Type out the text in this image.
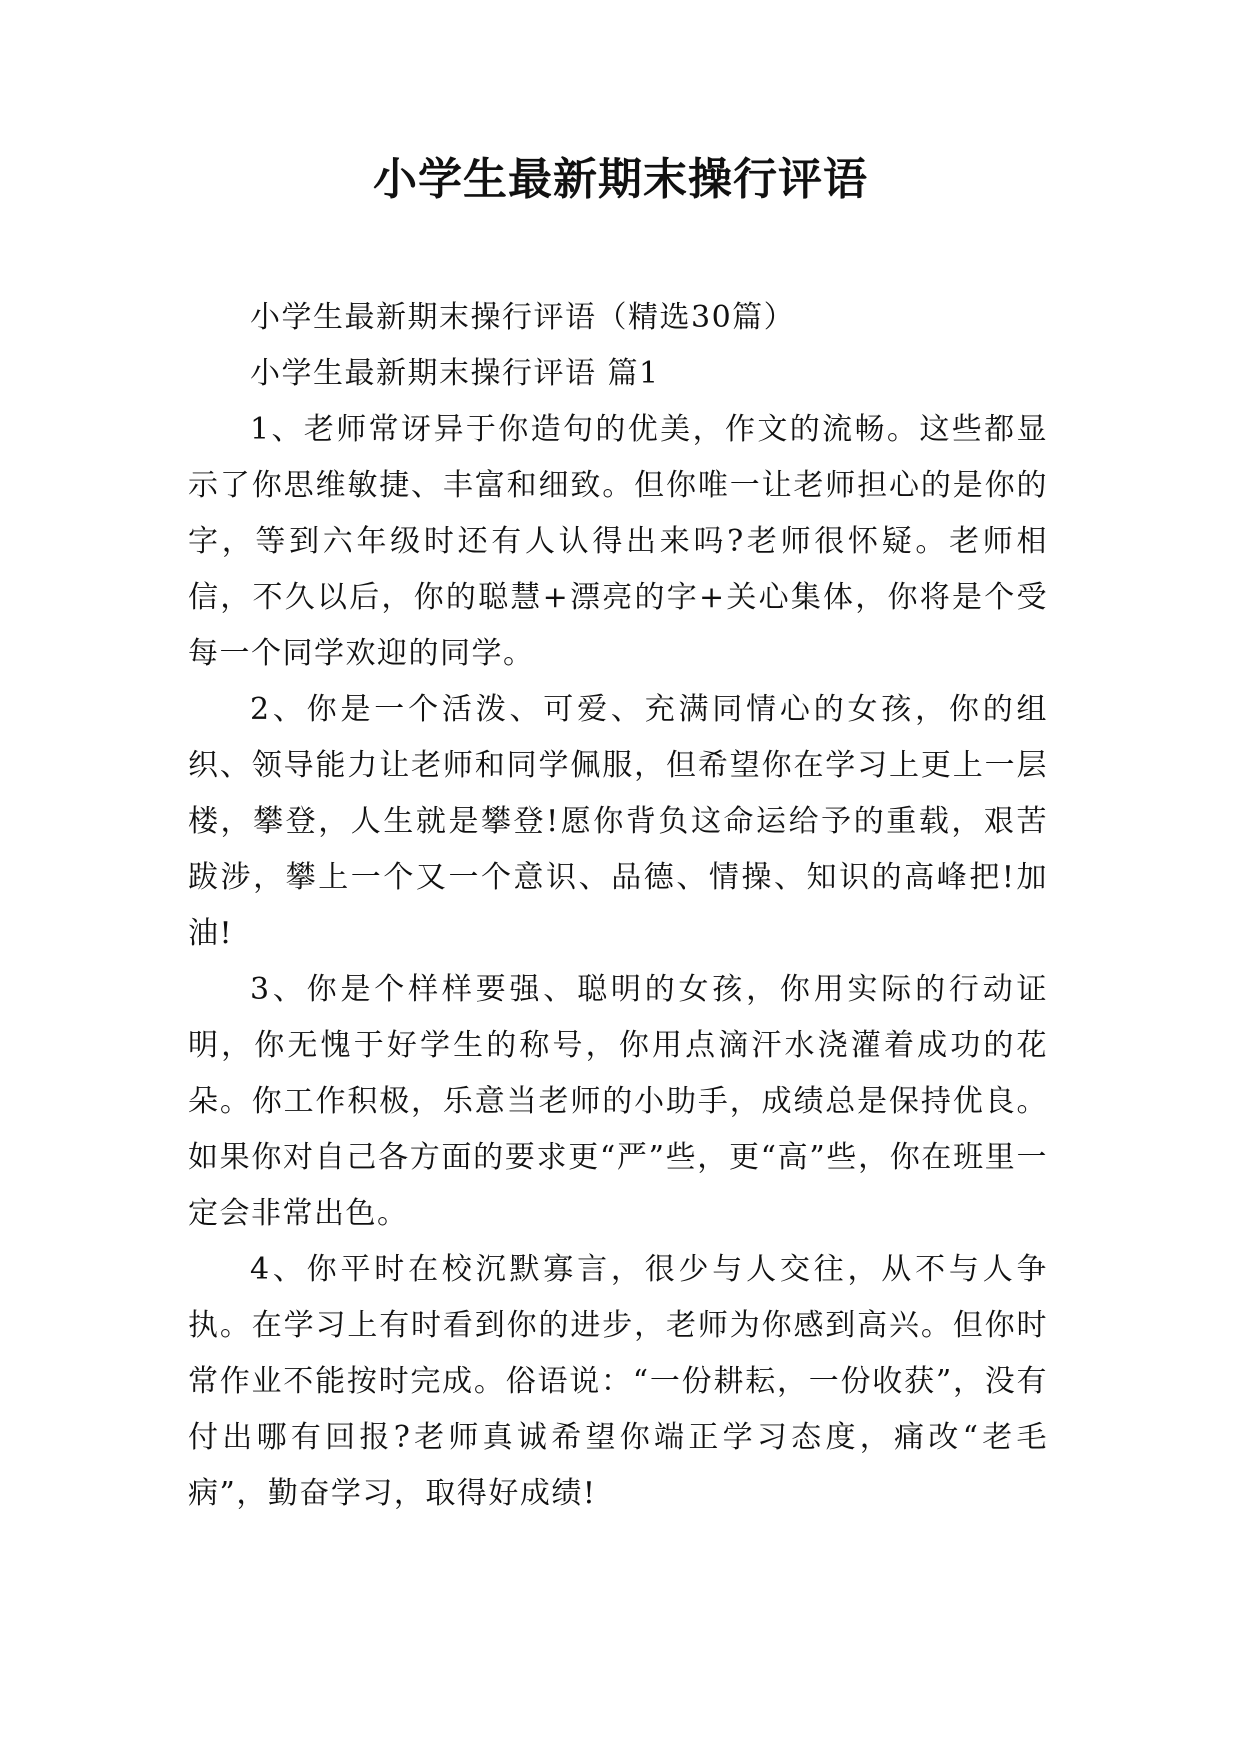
小学生最新期末操行评语

小学生最新期末操行评语（精选30篇）

小学生最新期末操行评语 篇1

1、老师常讶异于你造句的优美，作文的流畅。这些都显示了你思维敏捷、丰富和细致。但你唯一让老师担心的是你的字，等到六年级时还有人认得出来吗?老师很怀疑。老师相信，不久以后，你的聪慧+漂亮的字+关心集体，你将是个受每一个同学欢迎的同学。

2、你是一个活泼、可爱、充满同情心的女孩，你的组织、领导能力让老师和同学佩服，但希望你在学习上更上一层楼，攀登，人生就是攀登!愿你背负这命运给予的重载，艰苦跋涉，攀上一个又一个意识、品德、情操、知识的高峰把!加油!

3、你是个样样要强、聪明的女孩，你用实际的行动证明，你无愧于好学生的称号，你用点滴汗水浇灌着成功的花朵。你工作积极，乐意当老师的小助手，成绩总是保持优良。如果你对自己各方面的要求更“严”些，更“高”些，你在班里一定会非常出色。

4、你平时在校沉默寡言，很少与人交往，从不与人争执。在学习上有时看到你的进步，老师为你感到高兴。但你时常作业不能按时完成。俗语说：“一份耕耘，一份收获”，没有付出哪有回报?老师真诚希望你端正学习态度，痛改“老毛病”，勤奋学习，取得好成绩!
